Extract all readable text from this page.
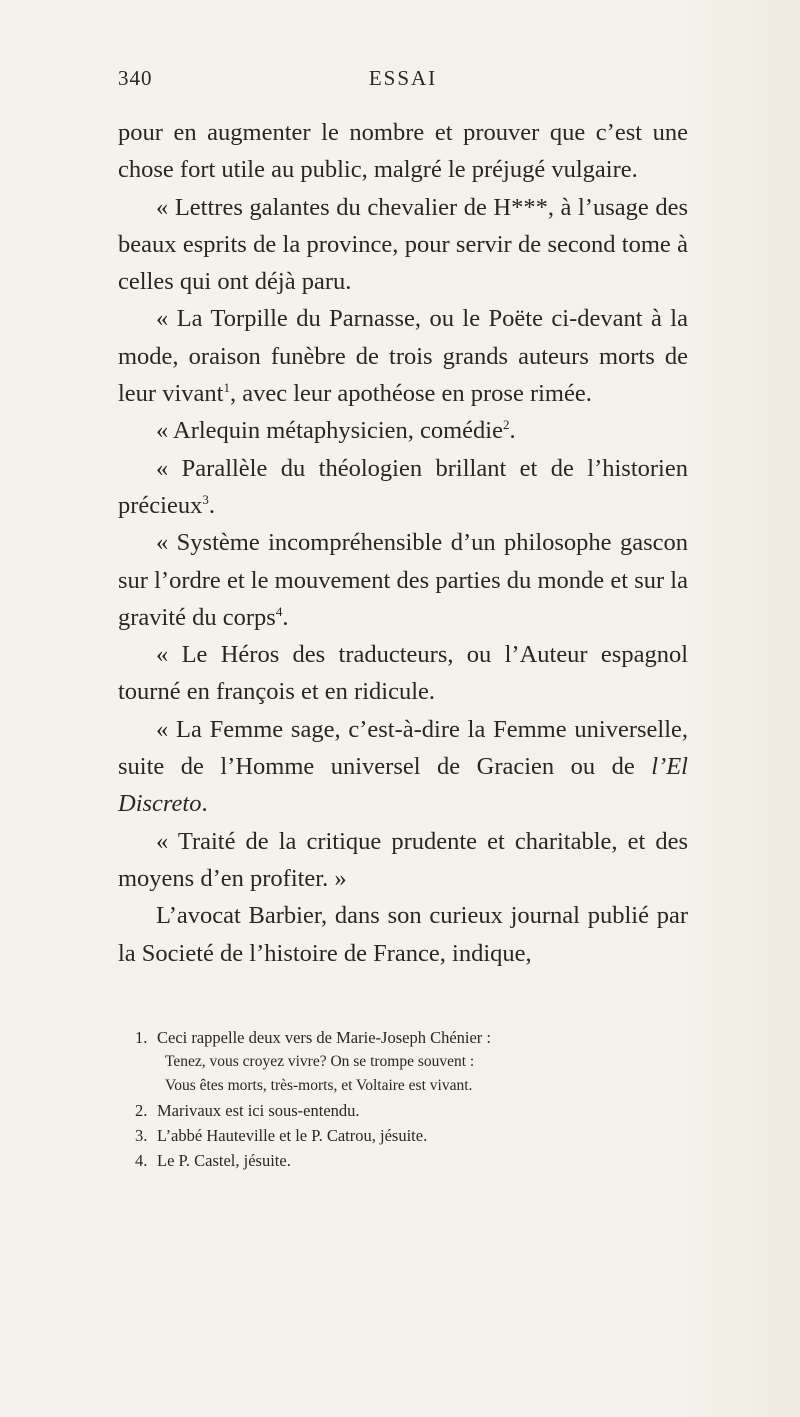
340	ESSAI

pour en augmenter le nombre et prouver que c’est une chose fort utile au public, malgré le préjugé vulgaire.

« Lettres galantes du chevalier de H***, à l’usage des beaux esprits de la province, pour servir de second tome à celles qui ont déjà paru.

« La Torpille du Parnasse, ou le Poëte ci-devant à la mode, oraison funèbre de trois grands auteurs morts de leur vivant$^1$, avec leur apothéose en prose rimée.

« Arlequin métaphysicien, comédie$^2$.

« Parallèle du théologien brillant et de l’historien précieux$^3$.

« Système incompréhensible d’un philosophe gascon sur l’ordre et le mouvement des parties du monde et sur la gravité du corps$^4$.

« Le Héros des traducteurs, ou l’Auteur espagnol tourné en françois et en ridicule.

« La Femme sage, c’est-à-dire la Femme universelle, suite de l’Homme universel de Gracien ou de l’El Discreto.

« Traité de la critique prudente et charitable, et des moyens d’en profiter. »

L’avocat Barbier, dans son curieux journal publié par la Societé de l’histoire de France, indique,

1. Ceci rappelle deux vers de Marie-Joseph Chénier :

Tenez, vous croyez vivre? On se trompe souvent :

Vous êtes morts, très-morts, et Voltaire est vivant.

2. Marivaux est ici sous-entendu.

3. L’abbé Hauteville et le P. Catrou, jésuite.

4. Le P. Castel, jésuite.
